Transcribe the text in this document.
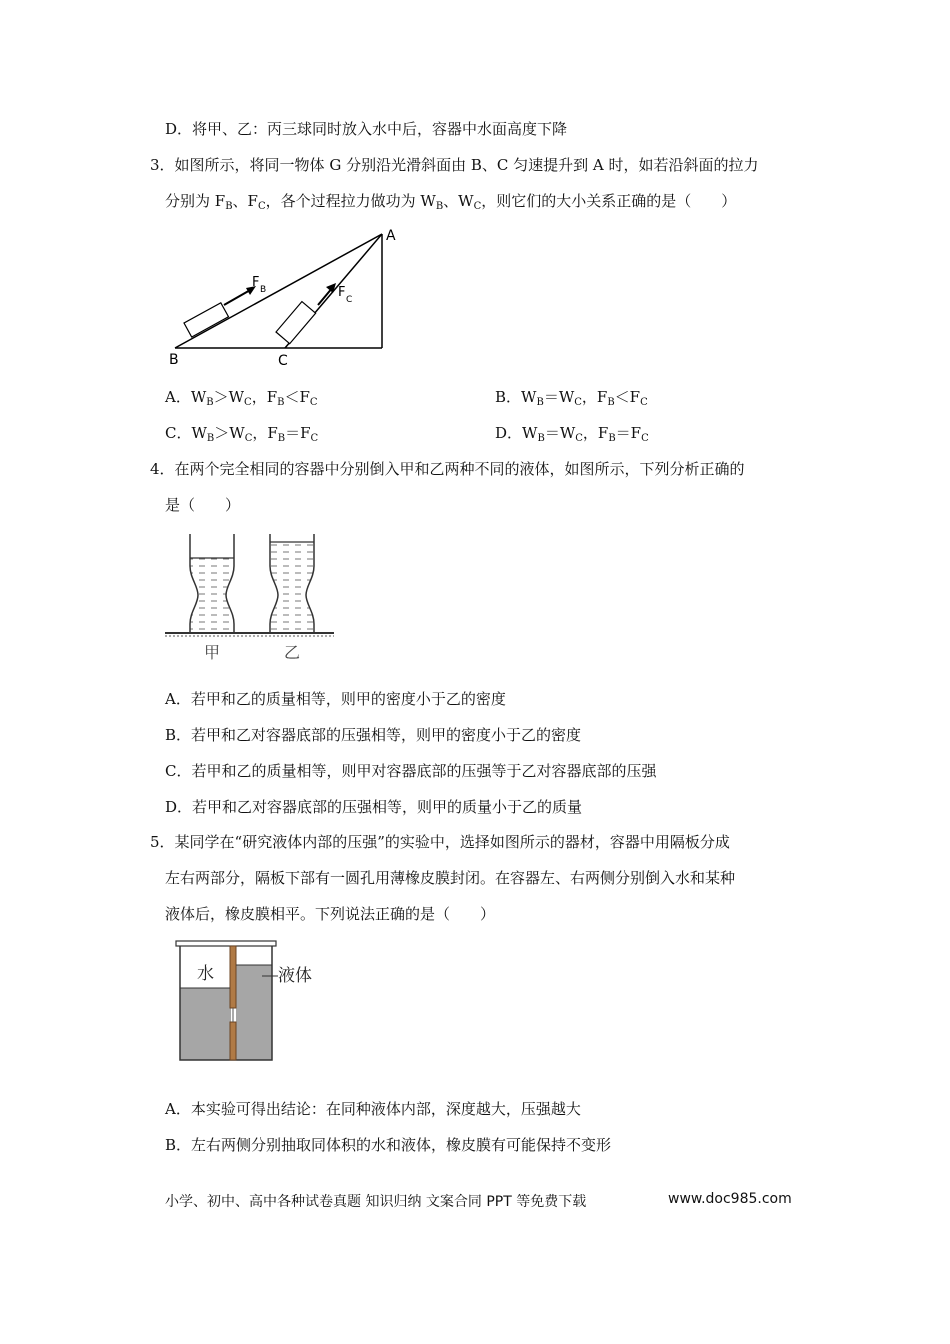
D．将甲、乙：丙三球同时放入水中后，容器中水面高度下降
3．如图所示，将同一物体 G 分别沿光滑斜面由 B、C 匀速提升到 A 时，如若沿斜面的拉力
分别为 $F_B$、$F_C$，各个过程拉力做功为 $W_B$、$W_C$，则它们的大小关系正确的是（　　）
A
B	C
F B	F C
A．$W_B>W_C$，$F_B<F_C$	B．$W_B=W_C$，$F_B<F_C$
C．$W_B>W_C$，$F_B=F_C$	D．$W_B=W_C$，$F_B=F_C$
4．在两个完全相同的容器中分别倒入甲和乙两种不同的液体，如图所示，下列分析正确的
是（　　）
甲	乙
A．若甲和乙的质量相等，则甲的密度小于乙的密度
B．若甲和乙对容器底部的压强相等，则甲的密度小于乙的密度
C．若甲和乙的质量相等，则甲对容器底部的压强等于乙对容器底部的压强
D．若甲和乙对容器底部的压强相等，则甲的质量小于乙的质量
5．某同学在“研究液体内部的压强”的实验中，选择如图所示的器材，容器中用隔板分成
左右两部分，隔板下部有一圆孔用薄橡皮膜封闭。在容器左、右两侧分别倒入水和某种
液体后，橡皮膜相平。下列说法正确的是（　　）
水	液体
A．本实验可得出结论：在同种液体内部，深度越大，压强越大
B．左右两侧分别抽取同体积的水和液体，橡皮膜有可能保持不变形
小学、初中、高中各种试卷真题 知识归纳 文案合同 PPT 等免费下载	www.doc985.com
